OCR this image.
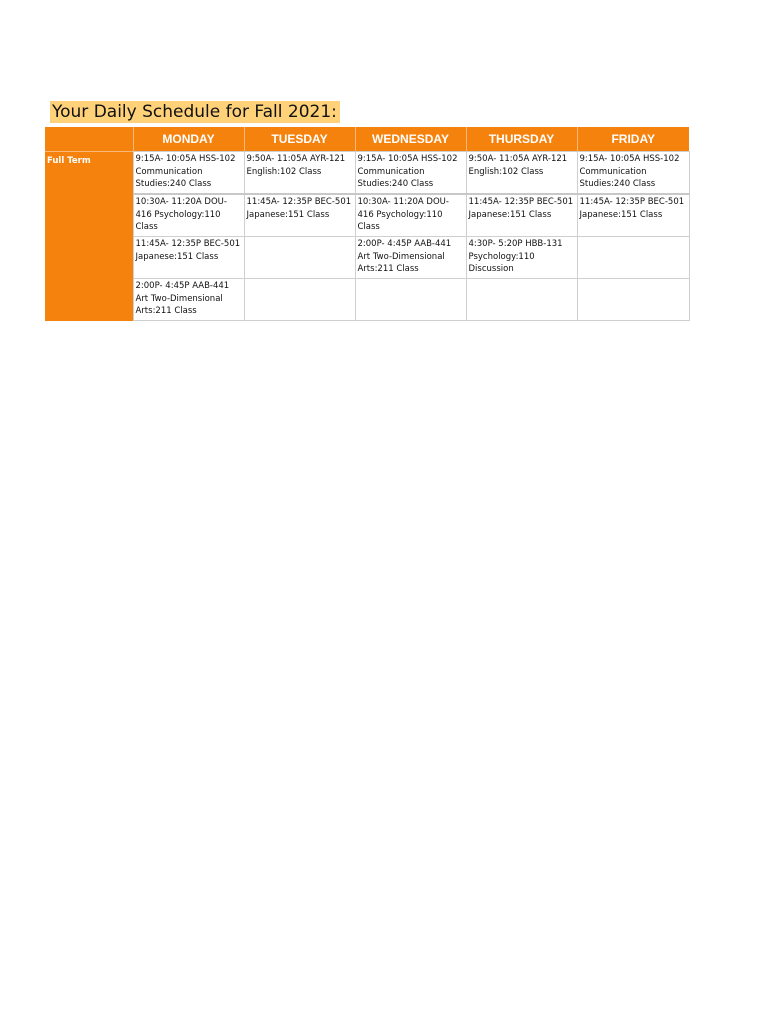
Your Daily Schedule for Fall 2021:
	MONDAY	TUESDAY	WEDNESDAY	THURSDAY	FRIDAY
Full Term	9:15A- 10:05A HSS-102 Communication Studies:240 Class	9:50A- 11:05A AYR-121 English:102 Class	9:15A- 10:05A HSS-102 Communication Studies:240 Class	9:50A- 11:05A AYR-121 English:102 Class	9:15A- 10:05A HSS-102 Communication Studies:240 Class
	10:30A- 11:20A DOU-416 Psychology:110 Class	11:45A- 12:35P BEC-501 Japanese:151 Class	10:30A- 11:20A DOU-416 Psychology:110 Class	11:45A- 12:35P BEC-501 Japanese:151 Class	11:45A- 12:35P BEC-501 Japanese:151 Class
	11:45A- 12:35P BEC-501 Japanese:151 Class		2:00P- 4:45P AAB-441 Art Two-Dimensional Arts:211 Class	4:30P- 5:20P HBB-131 Psychology:110 Discussion	
	2:00P- 4:45P AAB-441 Art Two-Dimensional Arts:211 Class				
